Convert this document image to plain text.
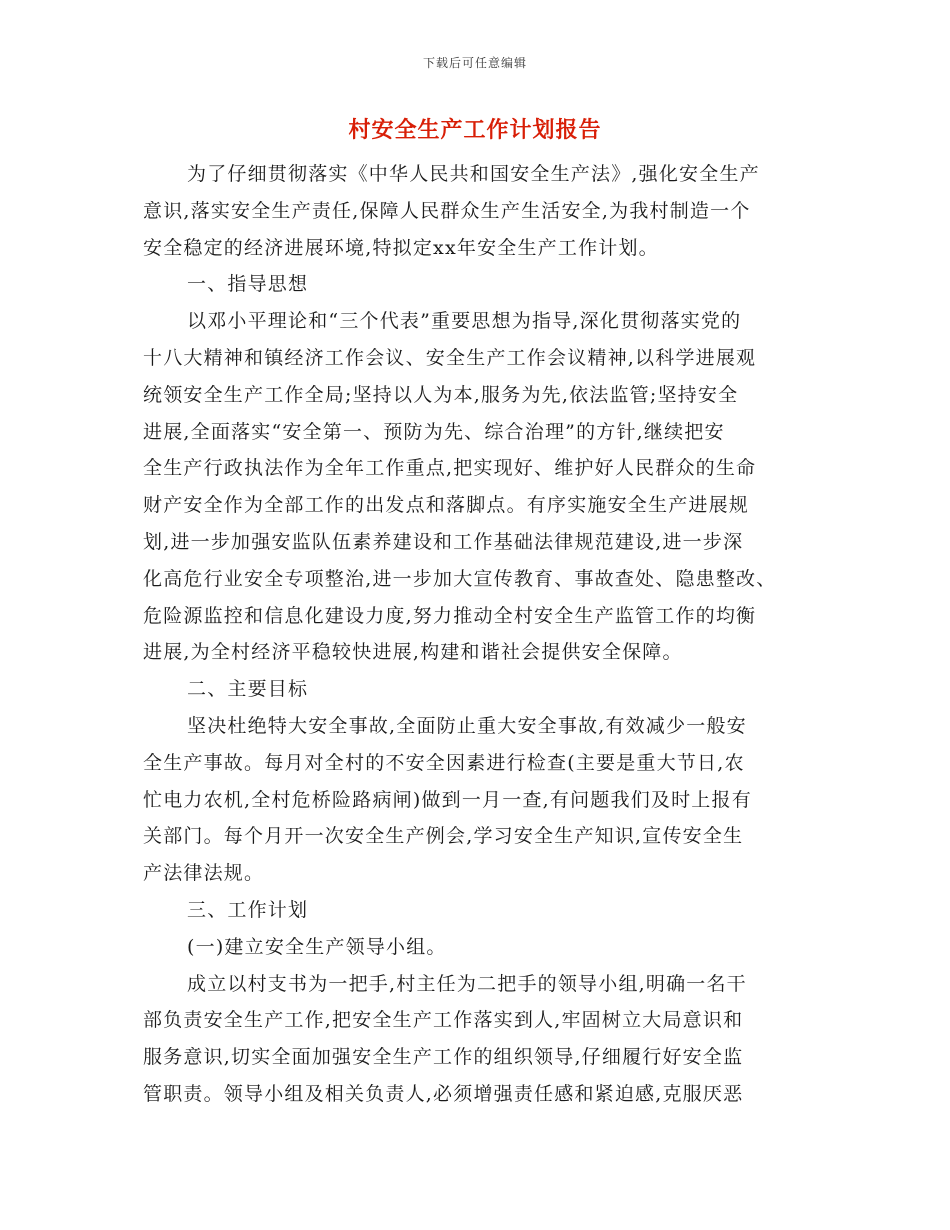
下载后可任意编辑
村安全生产工作计划报告
为了仔细贯彻落实《中华人民共和国安全生产法》,强化安全生产
意识,落实安全生产责任,保障人民群众生产生活安全,为我村制造一个
安全稳定的经济进展环境,特拟定xx年安全生产工作计划。
一、指导思想
以邓小平理论和“三个代表”重要思想为指导,深化贯彻落实党的
十八大精神和镇经济工作会议、安全生产工作会议精神,以科学进展观
统领安全生产工作全局;坚持以人为本,服务为先,依法监管;坚持安全
进展,全面落实“安全第一、预防为先、综合治理”的方针,继续把安
全生产行政执法作为全年工作重点,把实现好、维护好人民群众的生命
财产安全作为全部工作的出发点和落脚点。有序实施安全生产进展规
划,进一步加强安监队伍素养建设和工作基础法律规范建设,进一步深
化高危行业安全专项整治,进一步加大宣传教育、事故查处、隐患整改、
危险源监控和信息化建设力度,努力推动全村安全生产监管工作的均衡
进展,为全村经济平稳较快进展,构建和谐社会提供安全保障。
二、主要目标
坚决杜绝特大安全事故,全面防止重大安全事故,有效减少一般安
全生产事故。每月对全村的不安全因素进行检查(主要是重大节日,农
忙电力农机,全村危桥险路病闸)做到一月一查,有问题我们及时上报有
关部门。每个月开一次安全生产例会,学习安全生产知识,宣传安全生
产法律法规。
三、工作计划
(一)建立安全生产领导小组。
成立以村支书为一把手,村主任为二把手的领导小组,明确一名干
部负责安全生产工作,把安全生产工作落实到人,牢固树立大局意识和
服务意识,切实全面加强安全生产工作的组织领导,仔细履行好安全监
管职责。领导小组及相关负责人,必须增强责任感和紧迫感,克服厌恶
